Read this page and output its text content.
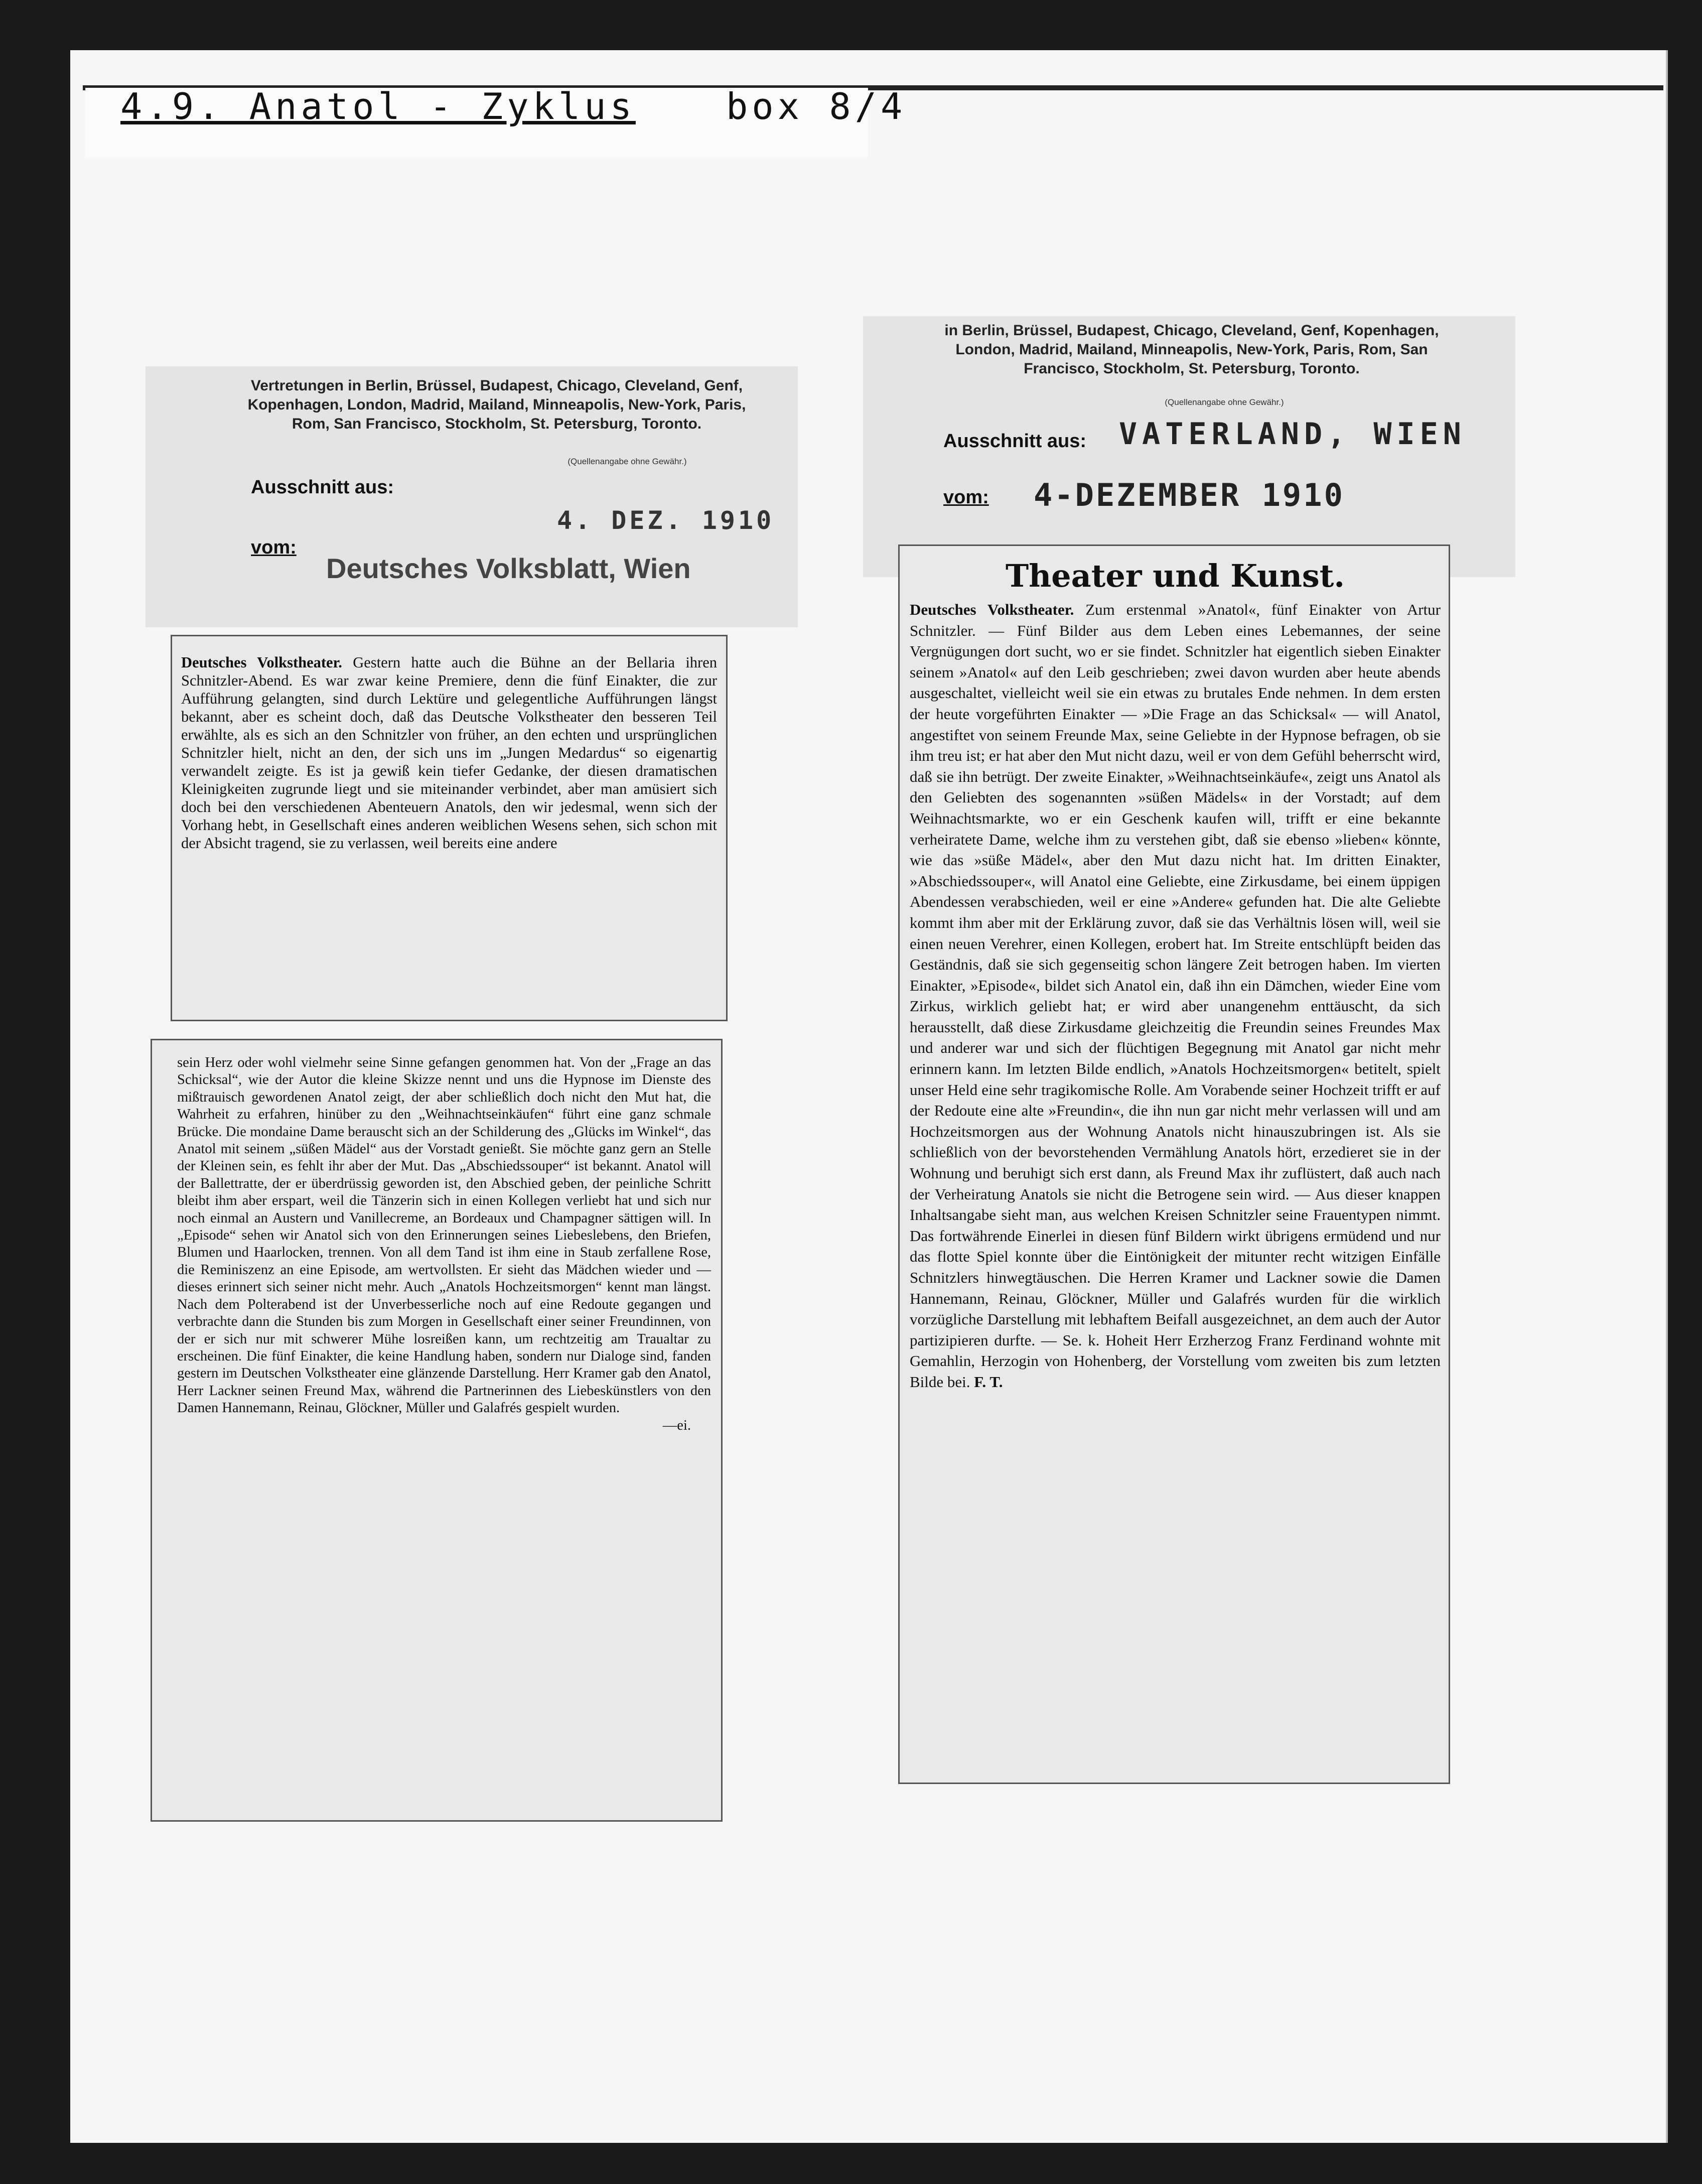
4.9. Anatol - Zyklus	box 8/4
Vertretungen in Berlin, Brüssel, Budapest, Chicago, Cleveland, Genf, Kopenhagen, London, Madrid, Mailand, Minneapolis, New-York, Paris, Rom, San Francisco, Stockholm, St. Petersburg, Toronto.
(Quellenangabe ohne Gewähr.)
Ausschnitt aus:
4. DEZ. 1910
vom:
Deutsches Volksblatt, Wien

Deutsches Volkstheater. Gestern hatte auch die Bühne an der Bellaria ihren Schnitzler-Abend. Es war zwar keine Premiere, denn die fünf Einakter, die zur Aufführung gelangten, sind durch Lektüre und gelegentliche Aufführungen längst bekannt, aber es scheint doch, daß das Deutsche Volkstheater den besseren Teil erwählte, als es sich an den Schnitzler von früher, an den echten und ursprünglichen Schnitzler hielt, nicht an den, der sich uns im „Jungen Medardus“ so eigenartig verwandelt zeigte. Es ist ja gewiß kein tiefer Gedanke, der diesen dramatischen Kleinigkeiten zugrunde liegt und sie miteinander verbindet, aber man amüsiert sich doch bei den verschiedenen Abenteuern Anatols, den wir jedesmal, wenn sich der Vorhang hebt, in Gesellschaft eines anderen weiblichen Wesens sehen, sich schon mit der Absicht tragend, sie zu verlassen, weil bereits eine andere

sein Herz oder wohl vielmehr seine Sinne gefangen genommen hat. Von der „Frage an das Schicksal“, wie der Autor die kleine Skizze nennt und uns die Hypnose im Dienste des mißtrauisch gewordenen Anatol zeigt, der aber schließlich doch nicht den Mut hat, die Wahrheit zu erfahren, hinüber zu den „Weihnachtseinkäufen“ führt eine ganz schmale Brücke. Die mondaine Dame berauscht sich an der Schilderung des „Glücks im Winkel“, das Anatol mit seinem „süßen Mädel“ aus der Vorstadt genießt. Sie möchte ganz gern an Stelle der Kleinen sein, es fehlt ihr aber der Mut. Das „Abschiedssouper“ ist bekannt. Anatol will der Ballettratte, der er überdrüssig geworden ist, den Abschied geben, der peinliche Schritt bleibt ihm aber erspart, weil die Tänzerin sich in einen Kollegen verliebt hat und sich nur noch einmal an Austern und Vanillecreme, an Bordeaux und Champagner sättigen will. In „Episode“ sehen wir Anatol sich von den Erinnerungen seines Liebeslebens, den Briefen, Blumen und Haarlocken, trennen. Von all dem Tand ist ihm eine in Staub zerfallene Rose, die Reminiszenz an eine Episode, am wertvollsten. Er sieht das Mädchen wieder und — dieses erinnert sich seiner nicht mehr. Auch „Anatols Hochzeitsmorgen“ kennt man längst. Nach dem Polterabend ist der Unverbesserliche noch auf eine Redoute gegangen und verbrachte dann die Stunden bis zum Morgen in Gesellschaft einer seiner Freundinnen, von der er sich nur mit schwerer Mühe losreißen kann, um rechtzeitig am Traualtar zu erscheinen. Die fünf Einakter, die keine Handlung haben, sondern nur Dialoge sind, fanden gestern im Deutschen Volkstheater eine glänzende Darstellung. Herr Kramer gab den Anatol, Herr Lackner seinen Freund Max, während die Partnerinnen des Liebeskünstlers von den Damen Hannemann, Reinau, Glöckner, Müller und Galafrés gespielt wurden.

—ei.

in Berlin, Brüssel, Budapest, Chicago, Cleveland, Genf, Kopenhagen, London, Madrid, Mailand, Minneapolis, New-York, Paris, Rom, San Francisco, Stockholm, St. Petersburg, Toronto.
(Quellenangabe ohne Gewähr.)
Ausschnitt aus: VATERLAND, WIEN
vom: 4-DEZEMBER 1910
Theater und Kunst.

Deutsches Volkstheater. Zum erstenmal »Anatol«, fünf Einakter von Artur Schnitzler. — Fünf Bilder aus dem Leben eines Lebemannes, der seine Vergnügungen dort sucht, wo er sie findet. Schnitzler hat eigentlich sieben Einakter seinem »Anatol« auf den Leib geschrieben; zwei davon wurden aber heute abends ausgeschaltet, vielleicht weil sie ein etwas zu brutales Ende nehmen. In dem ersten der heute vorgeführten Einakter — »Die Frage an das Schicksal« — will Anatol, angestiftet von seinem Freunde Max, seine Geliebte in der Hypnose befragen, ob sie ihm treu ist; er hat aber den Mut nicht dazu, weil er von dem Gefühl beherrscht wird, daß sie ihn betrügt. Der zweite Einakter, »Weihnachtseinkäufe«, zeigt uns Anatol als den Geliebten des sogenannten »süßen Mädels« in der Vorstadt; auf dem Weihnachtsmarkte, wo er ein Geschenk kaufen will, trifft er eine bekannte verheiratete Dame, welche ihm zu verstehen gibt, daß sie ebenso »lieben« könnte, wie das »süße Mädel«, aber den Mut dazu nicht hat. Im dritten Einakter, »Abschiedssouper«, will Anatol eine Geliebte, eine Zirkusdame, bei einem üppigen Abendessen verabschieden, weil er eine »Andere« gefunden hat. Die alte Geliebte kommt ihm aber mit der Erklärung zuvor, daß sie das Verhältnis lösen will, weil sie einen neuen Verehrer, einen Kollegen, erobert hat. Im Streite entschlüpft beiden das Geständnis, daß sie sich gegenseitig schon längere Zeit betrogen haben. Im vierten Einakter, »Episode«, bildet sich Anatol ein, daß ihn ein Dämchen, wieder Eine vom Zirkus, wirklich geliebt hat; er wird aber unangenehm enttäuscht, da sich herausstellt, daß diese Zirkusdame gleichzeitig die Freundin seines Freundes Max und anderer war und sich der flüchtigen Begegnung mit Anatol gar nicht mehr erinnern kann. Im letzten Bilde endlich, »Anatols Hochzeitsmorgen« betitelt, spielt unser Held eine sehr tragikomische Rolle. Am Vorabende seiner Hochzeit trifft er auf der Redoute eine alte »Freundin«, die ihn nun gar nicht mehr verlassen will und am Hochzeitsmorgen aus der Wohnung Anatols nicht hinauszubringen ist. Als sie schließlich von der bevorstehenden Vermählung Anatols hört, erzedieret sie in der Wohnung und beruhigt sich erst dann, als Freund Max ihr zuflüstert, daß auch nach der Verheiratung Anatols sie nicht die Betrogene sein wird. — Aus dieser knappen Inhaltsangabe sieht man, aus welchen Kreisen Schnitzler seine Frauentypen nimmt. Das fortwährende Einerlei in diesen fünf Bildern wirkt übrigens ermüdend und nur das flotte Spiel konnte über die Eintönigkeit der mitunter recht witzigen Einfälle Schnitzlers hinwegtäuschen. Die Herren Kramer und Lackner sowie die Damen Hannemann, Reinau, Glöckner, Müller und Galafrés wurden für die wirklich vorzügliche Darstellung mit lebhaftem Beifall ausgezeichnet, an dem auch der Autor partizipieren durfte. — Se. k. Hoheit Herr Erzherzog Franz Ferdinand wohnte mit Gemahlin, Herzogin von Hohenberg, der Vorstellung vom zweiten bis zum letzten Bilde bei. F. T.
